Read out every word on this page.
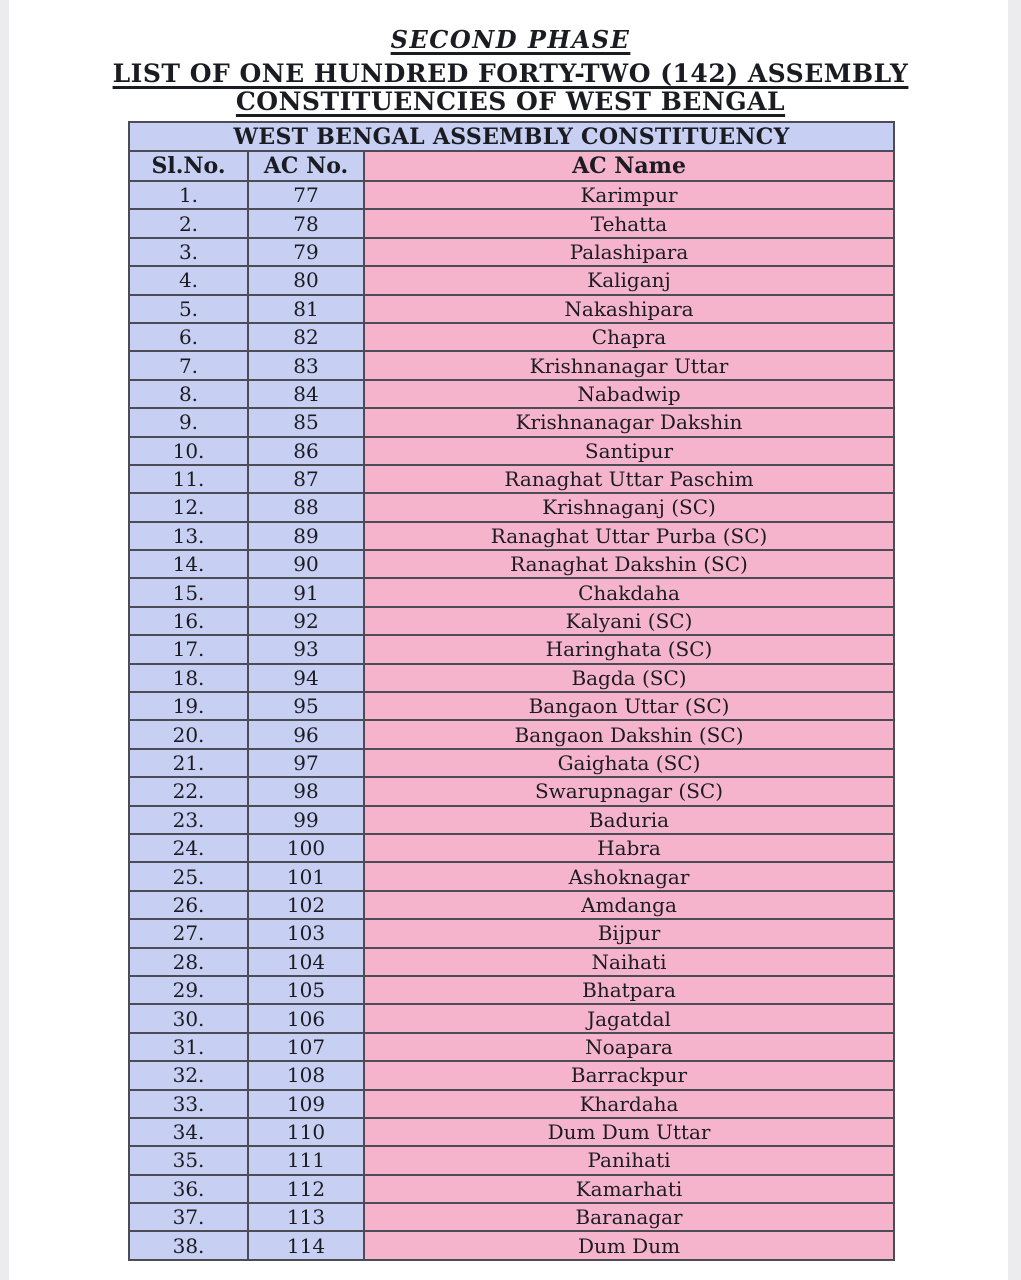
SECOND PHASE
LIST OF ONE HUNDRED FORTY-TWO (142) ASSEMBLY
CONSTITUENCIES OF WEST BENGAL
WEST BENGAL ASSEMBLY CONSTITUENCY		
Sl.No.	AC No.	AC Name
1.	77	Karimpur
2.	78	Tehatta
3.	79	Palashipara
4.	80	Kaliganj
5.	81	Nakashipara
6.	82	Chapra
7.	83	Krishnanagar Uttar
8.	84	Nabadwip
9.	85	Krishnanagar Dakshin
10.	86	Santipur
11.	87	Ranaghat Uttar Paschim
12.	88	Krishnaganj (SC)
13.	89	Ranaghat Uttar Purba (SC)
14.	90	Ranaghat Dakshin (SC)
15.	91	Chakdaha
16.	92	Kalyani (SC)
17.	93	Haringhata (SC)
18.	94	Bagda (SC)
19.	95	Bangaon Uttar (SC)
20.	96	Bangaon Dakshin (SC)
21.	97	Gaighata (SC)
22.	98	Swarupnagar (SC)
23.	99	Baduria
24.	100	Habra
25.	101	Ashoknagar
26.	102	Amdanga
27.	103	Bijpur
28.	104	Naihati
29.	105	Bhatpara
30.	106	Jagatdal
31.	107	Noapara
32.	108	Barrackpur
33.	109	Khardaha
34.	110	Dum Dum Uttar
35.	111	Panihati
36.	112	Kamarhati
37.	113	Baranagar
38.	114	Dum Dum
